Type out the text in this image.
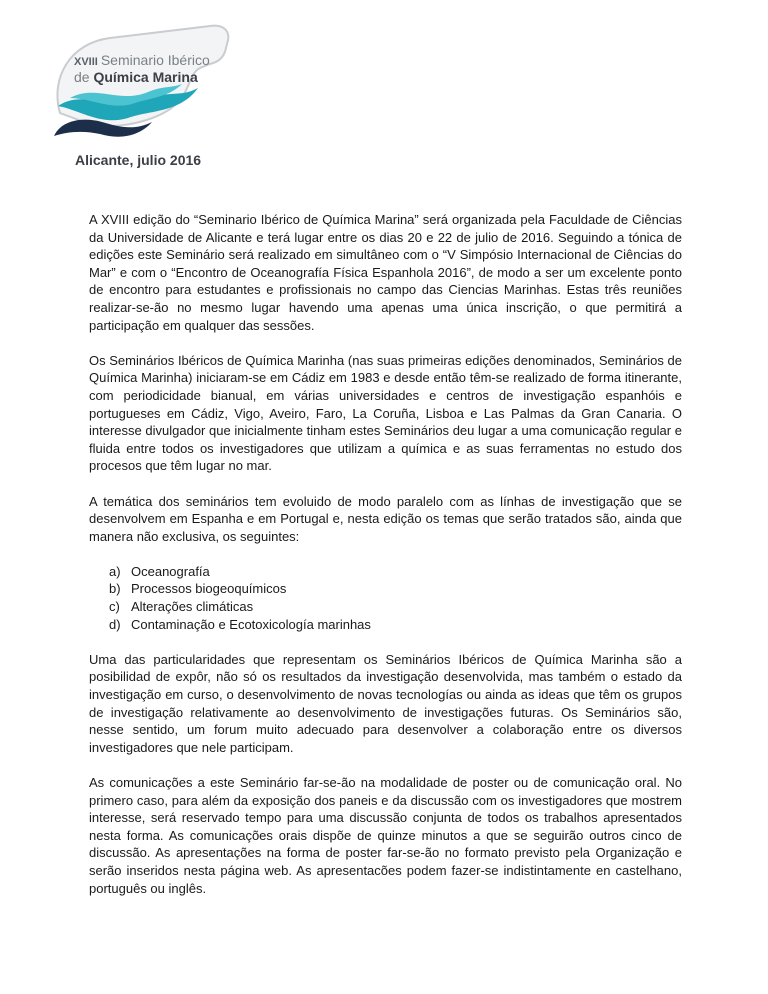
XVIII Seminario Ibérico
de Química Marina
Alicante, julio 2016

A XVIII edição do “Seminario Ibérico de Química Marina” será organizada pela Faculdade de Ciências da Universidade de Alicante e terá lugar entre os dias 20 e 22 de julio de 2016. Seguindo a tónica de edições este Seminário será realizado em simultâneo com o “V Simpósio Internacional de Ciências do Mar” e com o “Encontro de Oceanografía Física Espanhola 2016”, de modo a ser um excelente ponto de encontro para estudantes e profissionais no campo das Ciencias Marinhas. Estas três reuniões realizar-se-ão no mesmo lugar havendo uma apenas uma única inscrição, o que permitirá a participação em qualquer das sessões.

Os Seminários Ibéricos de Química Marinha (nas suas primeiras edições denominados, Seminários de Química Marinha) iniciaram-se em Cádiz em 1983 e desde então têm-se realizado de forma itinerante, com periodicidade bianual, em várias universidades e centros de investigação espanhóis e portugueses em Cádiz, Vigo, Aveiro, Faro, La Coruña, Lisboa e Las Palmas da Gran Canaria. O interesse divulgador que inicialmente tinham estes Seminários deu lugar a uma comunicação regular e fluida entre todos os investigadores que utilizam a química e as suas ferramentas no estudo dos procesos que têm lugar no mar.

A temática dos seminários tem evoluido de modo paralelo com as línhas de investigação que se desenvolvem em Espanha e em Portugal e, nesta edição os temas que serão tratados são, ainda que manera não exclusiva, os seguintes:

a) Oceanografía
b) Processos biogeoquímicos
c) Alterações climáticas
d) Contaminação e Ecotoxicología marinhas

Uma das particularidades que representam os Seminários Ibéricos de Química Marinha são a posibilidad de expôr, não só os resultados da investigação desenvolvida, mas também o estado da investigação em curso, o desenvolvimento de novas tecnologías ou ainda as ideas que têm os grupos de investigação relativamente ao desenvolvimento de investigações futuras. Os Seminários são, nesse sentido, um forum muito adecuado para desenvolver a colaboração entre os diversos investigadores que nele participam.

As comunicações a este Seminário far-se-ão na modalidade de poster ou de comunicação oral. No primero caso, para além da exposição dos paneis e da discussão com os investigadores que mostrem interesse, será reservado tempo para uma discussão conjunta de todos os trabalhos apresentados nesta forma. As comunicações orais dispõe de quinze minutos a que se seguirão outros cinco de discussão. As apresentações na forma de poster far-se-ão no formato previsto pela Organização e serão inseridos nesta página web. As apresentacões podem fazer-se indistintamente en castelhano, português ou inglês.
